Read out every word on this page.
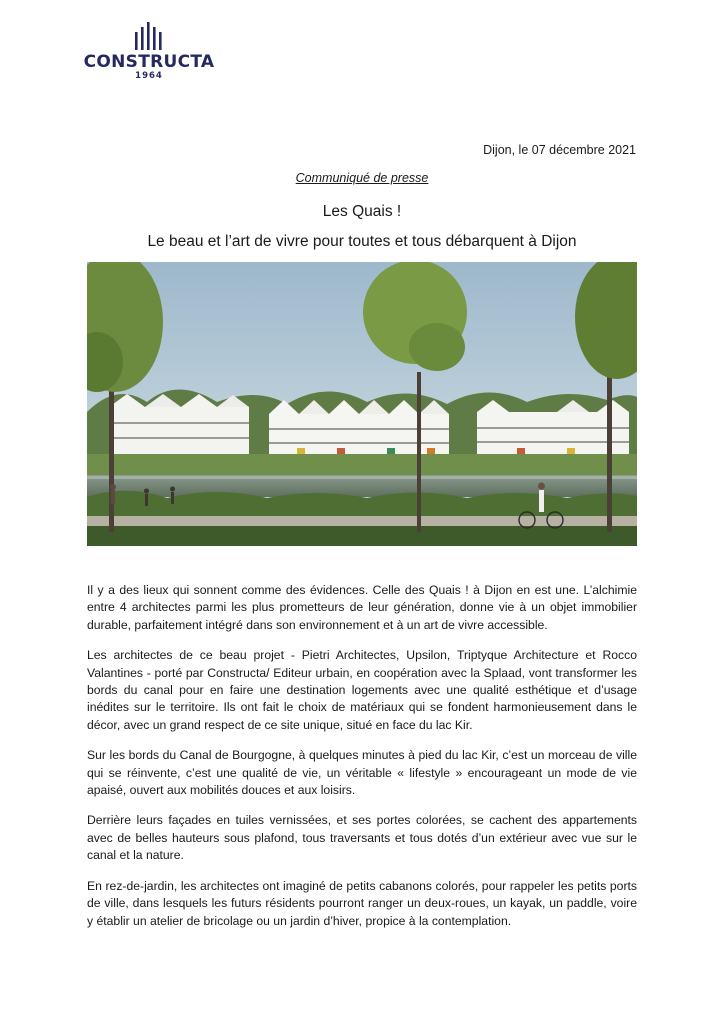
CONSTRUCTA
1964
Dijon, le 07 décembre 2021
Communiqué de presse
Les Quais !
Le beau et l’art de vivre pour toutes et tous débarquent à Dijon

Il y a des lieux qui sonnent comme des évidences. Celle des Quais ! à Dijon en est une. L’alchimie entre 4 architectes parmi les plus prometteurs de leur génération, donne vie à un objet immobilier durable, parfaitement intégré dans son environnement et à un art de vivre accessible.

Les architectes de ce beau projet - Pietri Architectes, Upsilon, Triptyque Architecture et Rocco Valantines - porté par Constructa/ Editeur urbain, en coopération avec la Splaad, vont transformer les bords du canal pour en faire une destination logements avec une qualité esthétique et d’usage inédites sur le territoire. Ils ont fait le choix de matériaux qui se fondent harmonieusement dans le décor, avec un grand respect de ce site unique, situé en face du lac Kir.

Sur les bords du Canal de Bourgogne, à quelques minutes à pied du lac Kir, c’est un morceau de ville qui se réinvente, c’est une qualité de vie, un véritable « lifestyle » encourageant un mode de vie apaisé, ouvert aux mobilités douces et aux loisirs.

Derrière leurs façades en tuiles vernissées, et ses portes colorées, se cachent des appartements avec de belles hauteurs sous plafond, tous traversants et tous dotés d’un extérieur avec vue sur le canal et la nature.

En rez-de-jardin, les architectes ont imaginé de petits cabanons colorés, pour rappeler les petits ports de ville, dans lesquels les futurs résidents pourront ranger un deux-roues, un kayak, un paddle, voire y établir un atelier de bricolage ou un jardin d’hiver, propice à la contemplation.
